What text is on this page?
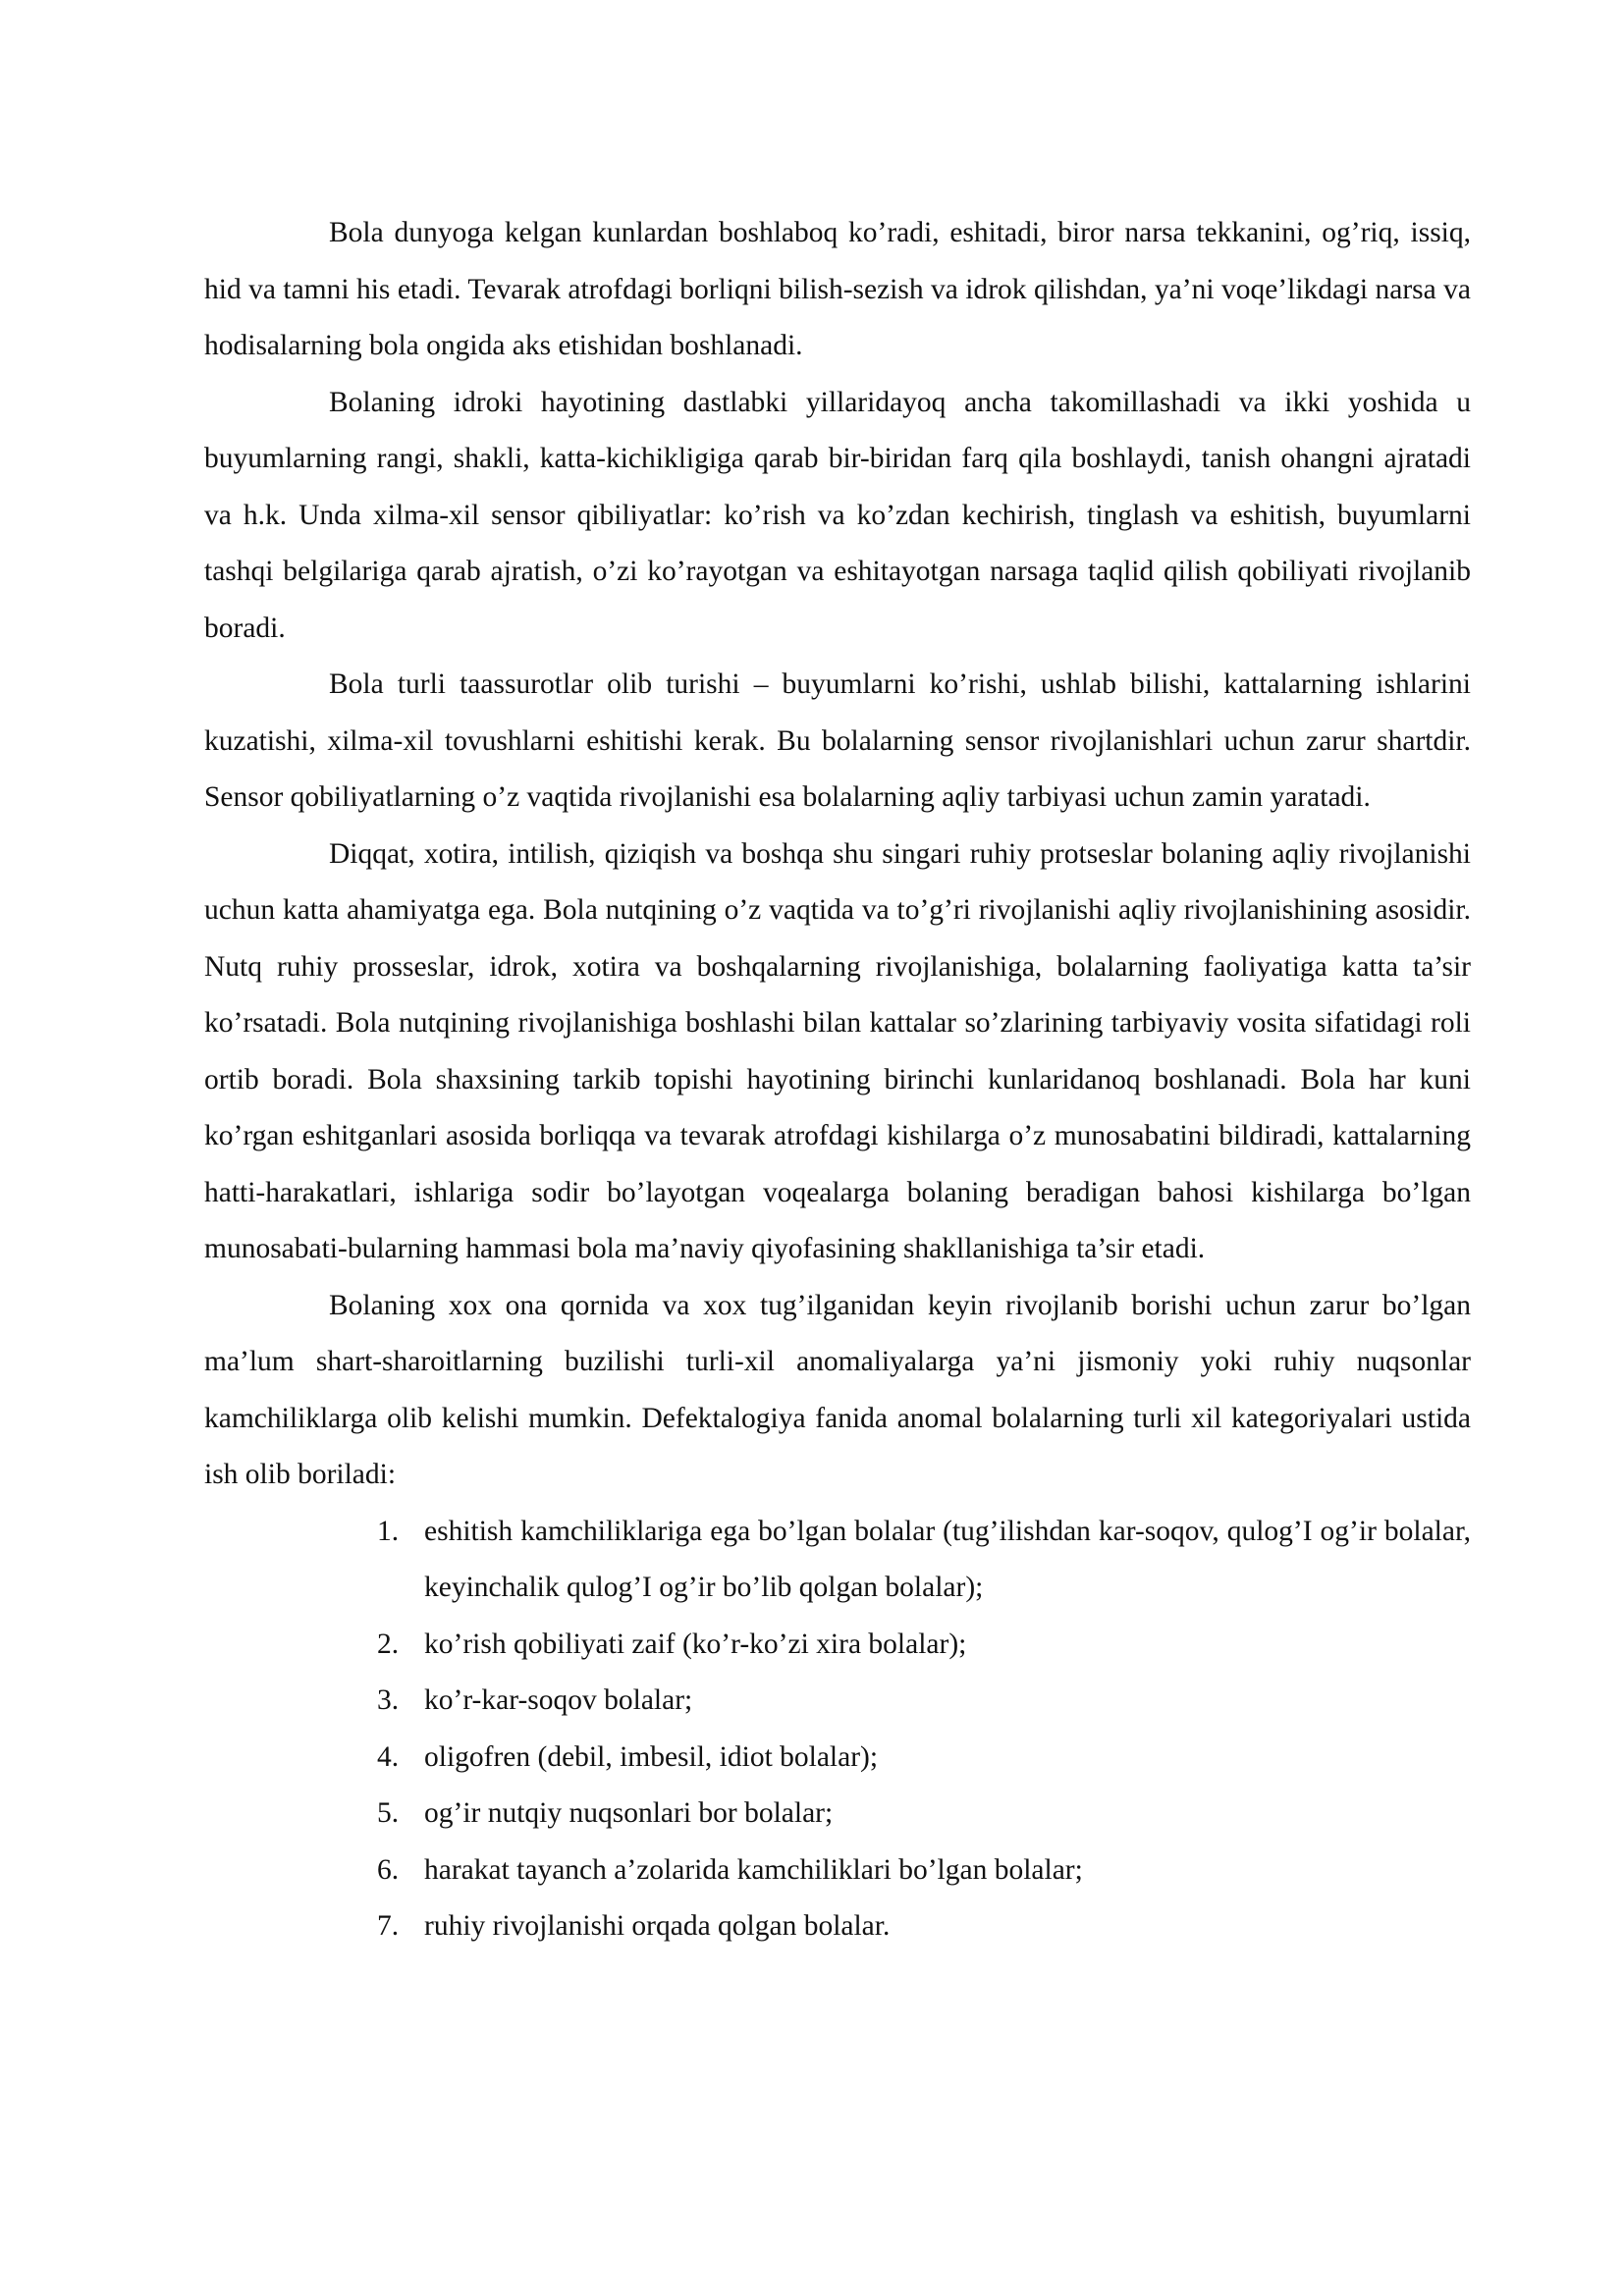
Bola dunyoga kelgan kunlardan boshlaboq ko’radi, eshitadi, biror narsa tekkanini, og’riq, issiq, hid va tamni his etadi. Tevarak atrofdagi borliqni bilish-sezish va idrok qilishdan, ya’ni voqe’likdagi narsa va hodisalarning bola ongida aks etishidan boshlanadi.

Bolaning idroki hayotining dastlabki yillaridayoq ancha takomillashadi va ikki yoshida u buyumlarning rangi, shakli, katta-kichikligiga qarab bir-biridan farq qila boshlaydi, tanish ohangni ajratadi va h.k. Unda xilma-xil sensor qibiliyatlar: ko’rish va ko’zdan kechirish, tinglash va eshitish, buyumlarni tashqi belgilariga qarab ajratish, o’zi ko’rayotgan va eshitayotgan narsaga taqlid qilish qobiliyati rivojlanib boradi.

Bola turli taassurotlar olib turishi – buyumlarni ko’rishi, ushlab bilishi, kattalarning ishlarini kuzatishi, xilma-xil tovushlarni eshitishi kerak. Bu bolalarning sensor rivojlanishlari uchun zarur shartdir. Sensor qobiliyatlarning o’z vaqtida rivojlanishi esa bolalarning aqliy tarbiyasi uchun zamin yaratadi.

Diqqat, xotira, intilish, qiziqish va boshqa shu singari ruhiy protseslar bolaning aqliy rivojlanishi uchun katta ahamiyatga ega. Bola nutqining o’z vaqtida va to’g’ri rivojlanishi aqliy rivojlanishining asosidir. Nutq ruhiy prosseslar, idrok, xotira va boshqalarning rivojlanishiga, bolalarning faoliyatiga katta ta’sir ko’rsatadi. Bola nutqining rivojlanishiga boshlashi bilan kattalar so’zlarining tarbiyaviy vosita sifatidagi roli ortib boradi. Bola shaxsining tarkib topishi hayotining birinchi kunlaridanoq boshlanadi. Bola har kuni ko’rgan eshitganlari asosida borliqqa va tevarak atrofdagi kishilarga o’z munosabatini bildiradi, kattalarning hatti-harakatlari, ishlariga sodir bo’layotgan voqealarga bolaning beradigan bahosi kishilarga bo’lgan munosabati-bularning hammasi bola ma’naviy qiyofasining shakllanishiga ta’sir etadi.

Bolaning xox ona qornida va xox tug’ilganidan keyin rivojlanib borishi uchun zarur bo’lgan ma’lum shart-sharoitlarning buzilishi turli-xil anomaliyalarga ya’ni jismoniy yoki ruhiy nuqsonlar kamchiliklarga olib kelishi mumkin. Defektalogiya fanida anomal bolalarning turli xil kategoriyalari ustida ish olib boriladi:

1. eshitish kamchiliklariga ega bo’lgan bolalar (tug’ilishdan kar-soqov, qulog’I og’ir bolalar, keyinchalik qulog’I og’ir bo’lib qolgan bolalar);
2. ko’rish qobiliyati zaif (ko’r-ko’zi xira bolalar);
3. ko’r-kar-soqov bolalar;
4. oligofren (debil, imbesil, idiot bolalar);
5. og’ir nutqiy nuqsonlari bor bolalar;
6. harakat tayanch a’zolarida kamchiliklari bo’lgan bolalar;
7. ruhiy rivojlanishi orqada qolgan bolalar.
